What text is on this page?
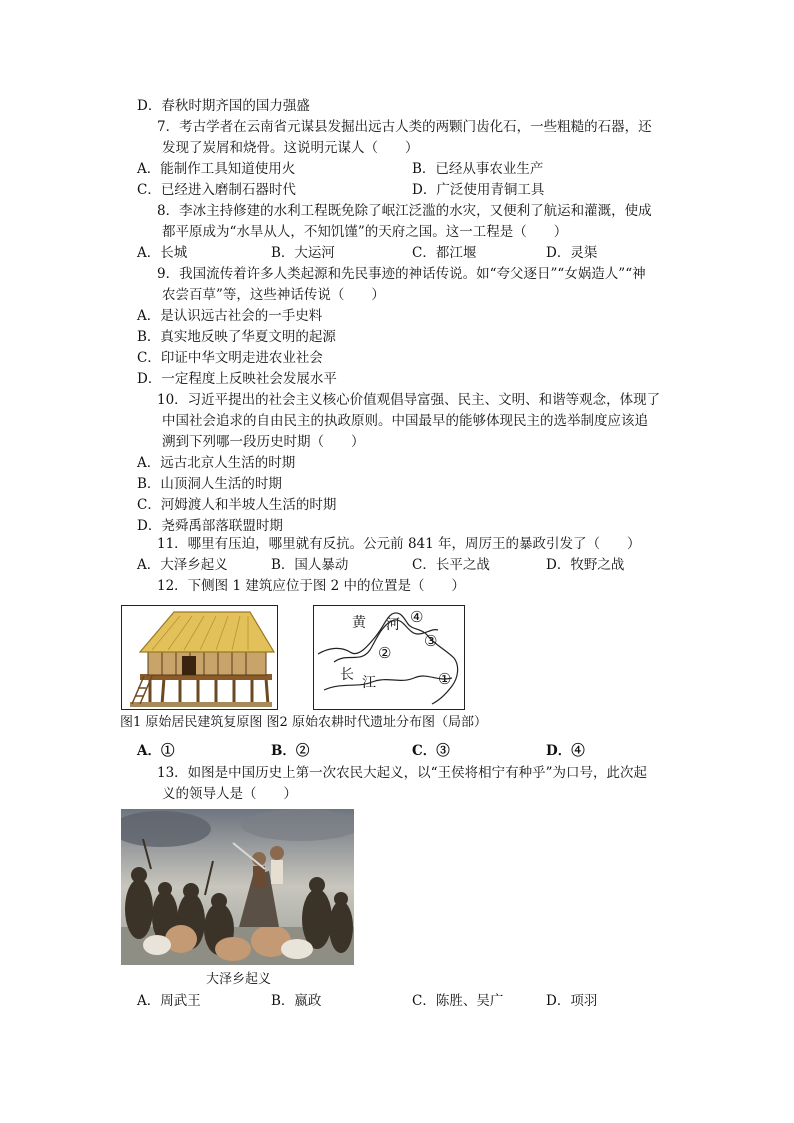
D．春秋时期齐国的国力强盛
7．考古学者在云南省元谋县发掘出远古人类的两颗门齿化石，一些粗糙的石器，还
发现了炭屑和烧骨。这说明元谋人（　　）
A．能制作工具知道使用火	B．已经从事农业生产
C．已经进入磨制石器时代	D．广泛使用青铜工具
8．李冰主持修建的水利工程既免除了岷江泛滥的水灾，又便利了航运和灌溉，使成
都平原成为“水旱从人，不知饥馑”的天府之国。这一工程是（　　）
A．长城	B．大运河	C．都江堰	D．灵渠
9．我国流传着许多人类起源和先民事迹的神话传说。如“夸父逐日”“女娲造人”“神
农尝百草”等，这些神话传说（　　）
A．是认识远古社会的一手史料
B．真实地反映了华夏文明的起源
C．印证中华文明走进农业社会
D．一定程度上反映社会发展水平
10．习近平提出的社会主义核心价值观倡导富强、民主、文明、和谐等观念，体现了
中国社会追求的自由民主的执政原则。中国最早的能够体现民主的选举制度应该追
溯到下列哪一段历史时期（　　）
A．远古北京人生活的时期
B．山顶洞人生活的时期
C．河姆渡人和半坡人生活的时期
D．尧舜禹部落联盟时期
11．哪里有压迫，哪里就有反抗。公元前 841 年，周厉王的暴政引发了（　　）
A．大泽乡起义	B．国人暴动	C．长平之战	D．牧野之战
12．下侧图 1 建筑应位于图 2 中的位置是（　　）
黄 河 ④
③
②
长 江	①
图1 原始居民建筑复原图 图2 原始农耕时代遗址分布图（局部）
A．①	B．②	C．③	D．④
13．如图是中国历史上第一次农民大起义，以“王侯将相宁有种乎”为口号，此次起
义的领导人是（　　）
大泽乡起义
A．周武王	B．嬴政	C．陈胜、吴广	D．项羽
